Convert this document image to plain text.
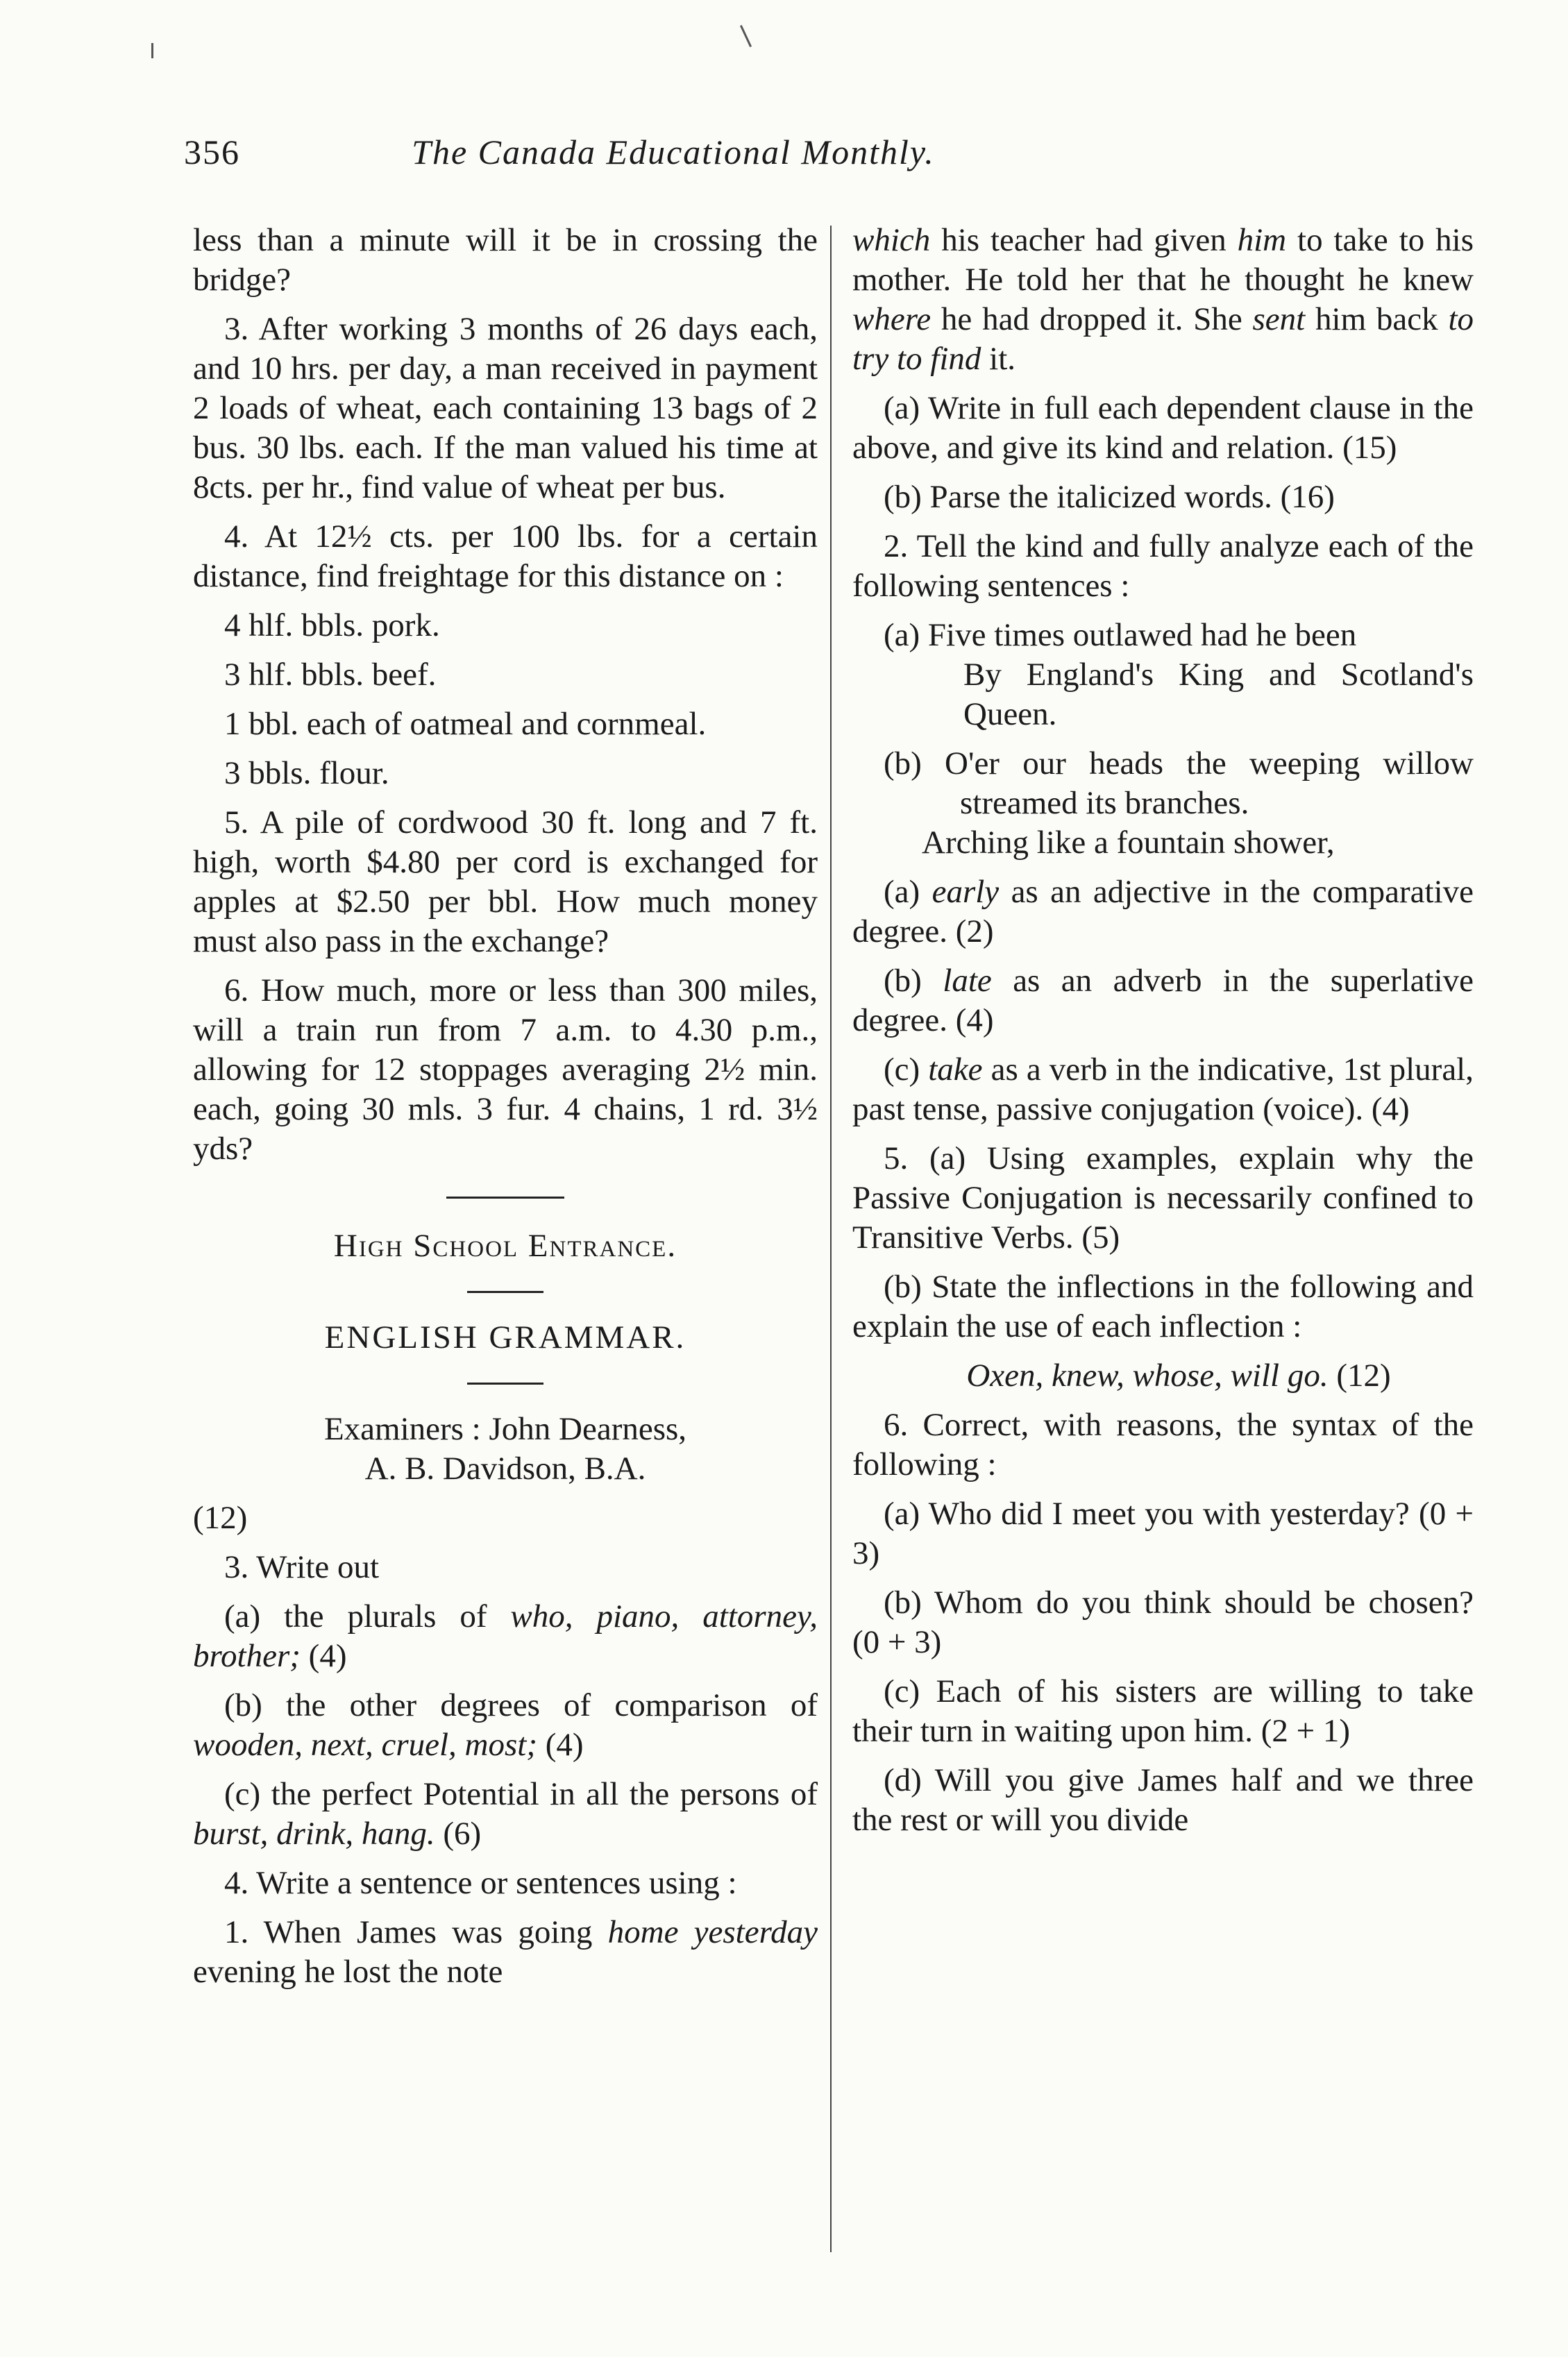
356	The Canada Educational Monthly.

less than a minute will it be in crossing the bridge?

3. After working 3 months of 26 days each, and 10 hrs. per day, a man received in payment 2 loads of wheat, each containing 13 bags of 2 bus. 30 lbs. each. If the man valued his time at 8cts. per hr., find value of wheat per bus.

4. At 12½ cts. per 100 lbs. for a certain distance, find freightage for this distance on :

4 hlf. bbls. pork.

3 hlf. bbls. beef.

1 bbl. each of oatmeal and cornmeal.

3 bbls. flour.

5. A pile of cordwood 30 ft. long and 7 ft. high, worth $4.80 per cord is exchanged for apples at $2.50 per bbl. How much money must also pass in the exchange?

6. How much, more or less than 300 miles, will a train run from 7 a.m. to 4.30 p.m., allowing for 12 stoppages averaging 2½ min. each, going 30 mls. 3 fur. 4 chains, 1 rd. 3½ yds?

High School Entrance.

ENGLISH GRAMMAR.

Examiners : John Dearness,

A. B. Davidson, B.A.

(12)

3. Write out

(a) the plurals of who, piano, attorney, brother; (4)

(b) the other degrees of comparison of wooden, next, cruel, most; (4)

(c) the perfect Potential in all the persons of burst, drink, hang. (6)

4. Write a sentence or sentences using :

1. When James was going home yesterday evening he lost the note

which his teacher had given him to take to his mother. He told her that he thought he knew where he had dropped it. She sent him back to try to find it.

(a) Write in full each dependent clause in the above, and give its kind and relation. (15)

(b) Parse the italicized words. (16)

2. Tell the kind and fully analyze each of the following sentences :

(a) Five times outlawed had he been

By England's King and Scotland's Queen.

(b) O'er our heads the weeping willow streamed its branches.

Arching like a fountain shower,

(a) early as an adjective in the comparative degree. (2)

(b) late as an adverb in the superlative degree. (4)

(c) take as a verb in the indicative, 1st plural, past tense, passive conjugation (voice). (4)

5. (a) Using examples, explain why the Passive Conjugation is necessarily confined to Transitive Verbs. (5)

(b) State the inflections in the following and explain the use of each inflection :

Oxen, knew, whose, will go. (12)

6. Correct, with reasons, the syntax of the following :

(a) Who did I meet you with yesterday? (0 + 3)

(b) Whom do you think should be chosen? (0 + 3)

(c) Each of his sisters are willing to take their turn in waiting upon him. (2 + 1)

(d) Will you give James half and we three the rest or will you divide
